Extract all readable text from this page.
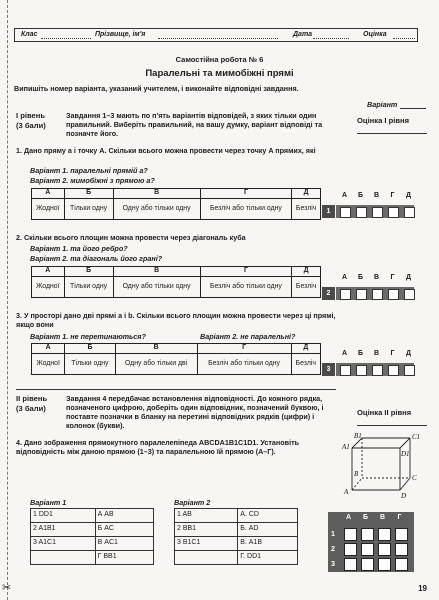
✂
Клас	Прізвище, ім'я	Дата	Оцінка
Самостійна робота № 6
Паралельні та мимобіжні прямі
Випишіть номер варіанта, указаний учителем, і виконайте відповідні завдання.
Варіант
Оцінка І рівня
І рівень
(3 бали)
Завдання 1–3 мають по п'ять варіантів відповідей, з яких тільки один правильний. Виберіть правильний, на вашу думку, варіант відповіді та позначте його.
1. Дано пряму a і точку A. Скільки всього можна провести через точку A прямих, які
Варіант 1. паралельні прямій a?
Варіант 2. мимобіжні з прямою a?
А	Б	В	Г	Д
Жодної	Тільки одну	Одну або тільки одну	Безліч або тільки одну	Безліч
2. Скільки всього площин можна провести через діагональ куба
Варіант 1. та його ребро?
Варіант 2. та діагональ його грані?
А	Б	В	Г	Д
Жодної	Тільки одну	Одну або тільки одну	Безліч або тільки одну	Безліч
3. У просторі дано дві прямі a і b. Скільки всього площин можна провести через ці прямі, якщо вони
Варіант 1. не перетинаються?	Варіант 2. не паралельні?
А	Б	В	Г	Д
Жодної	Тільки одну	Одну або тільки дві	Безліч або тільки одну	Безліч
А	Б	В	Г	Д
1
А	Б	В	Г	Д
2
А	Б	В	Г	Д
3
ІІ рівень
(3 бали)
Завдання 4 передбачає встановлення відповідності. До кожного рядка, позначеного цифрою, доберіть один відповідник, позначений буквою, і поставте позначки в бланку на перетині відповідних рядків (цифри) і колонок (букви).
Оцінка ІІ рівня
4. Дано зображення прямокутного паралелепіпеда ABCDA1B1C1D1. Установіть відповідність між даною прямою (1–3) та паралельною їй прямою (А–Г).	A1
B1	C1
D1
A
B	C
D
Варіант 1
1 DD1	А AB
2 A1B1	Б AC
3 A1C1	В AC1
	Г BB1
Варіант 2
1 AB	А. CD
2 BB1	Б. AD
3 B1C1	В. A1B
	Г. DD1
А	Б	В	Г
1
2
3
19
